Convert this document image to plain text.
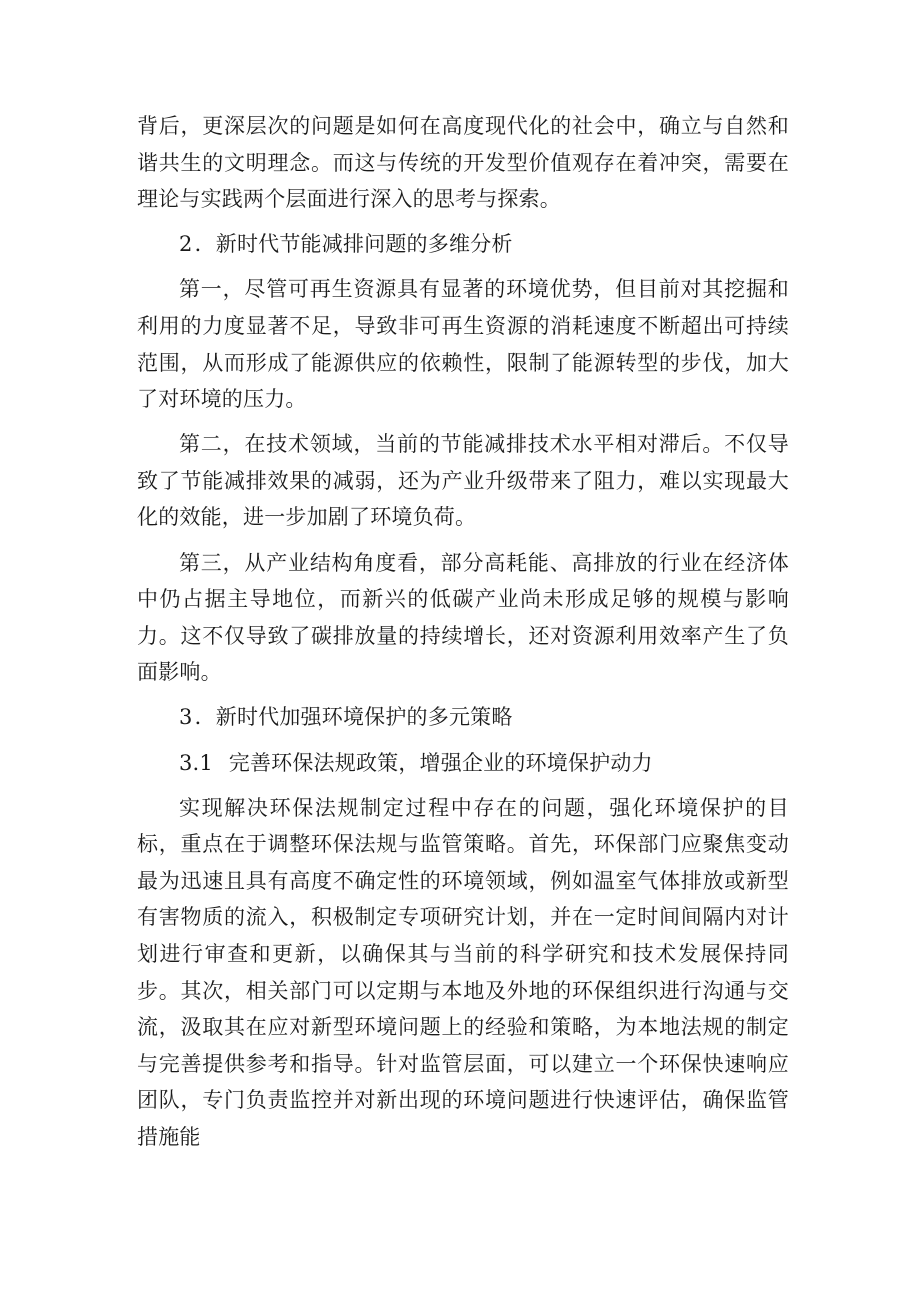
背后，更深层次的问题是如何在高度现代化的社会中，确立与自然和谐共生的文明理念。而这与传统的开发型价值观存在着冲突，需要在理论与实践两个层面进行深入的思考与探索。

2．新时代节能减排问题的多维分析

第一，尽管可再生资源具有显著的环境优势，但目前对其挖掘和利用的力度显著不足，导致非可再生资源的消耗速度不断超出可持续范围，从而形成了能源供应的依赖性，限制了能源转型的步伐，加大了对环境的压力。

第二，在技术领域，当前的节能减排技术水平相对滞后。不仅导致了节能减排效果的减弱，还为产业升级带来了阻力，难以实现最大化的效能，进一步加剧了环境负荷。

第三，从产业结构角度看，部分高耗能、高排放的行业在经济体中仍占据主导地位，而新兴的低碳产业尚未形成足够的规模与影响力。这不仅导致了碳排放量的持续增长，还对资源利用效率产生了负面影响。

3．新时代加强环境保护的多元策略

3.1  完善环保法规政策，增强企业的环境保护动力

实现解决环保法规制定过程中存在的问题，强化环境保护的目标，重点在于调整环保法规与监管策略。首先，环保部门应聚焦变动最为迅速且具有高度不确定性的环境领域，例如温室气体排放或新型有害物质的流入，积极制定专项研究计划，并在一定时间间隔内对计划进行审查和更新，以确保其与当前的科学研究和技术发展保持同步。其次，相关部门可以定期与本地及外地的环保组织进行沟通与交流，汲取其在应对新型环境问题上的经验和策略，为本地法规的制定与完善提供参考和指导。针对监管层面，可以建立一个环保快速响应团队，专门负责监控并对新出现的环境问题进行快速评估，确保监管措施能
